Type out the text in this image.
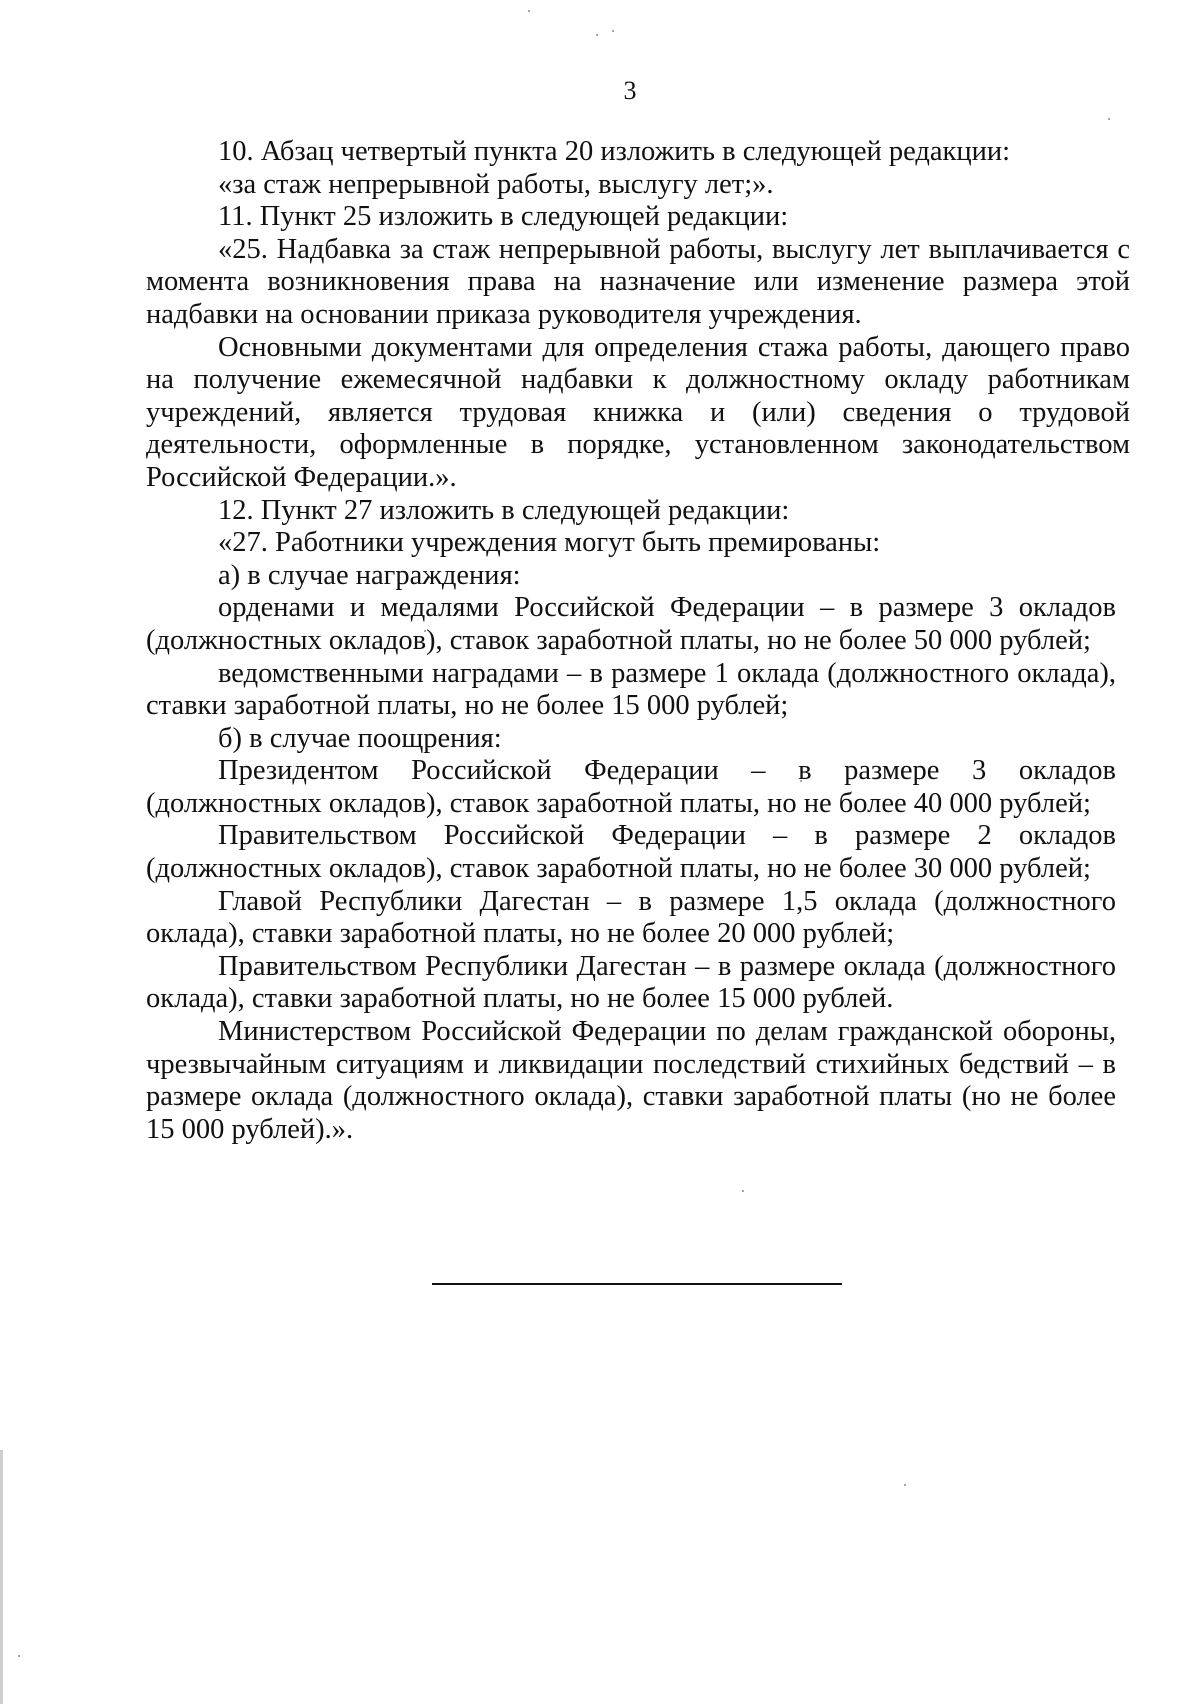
3

10. Абзац четвертый пункта 20 изложить в следующей редакции:

«за стаж непрерывной работы, выслугу лет;».

11. Пункт 25 изложить в следующей редакции:

«25. Надбавка за стаж непрерывной работы, выслугу лет выплачивается с момента возникновения права на назначение или изменение размера этой надбавки на основании приказа руководителя учреждения.

Основными документами для определения стажа работы, дающего право на получение ежемесячной надбавки к должностному окладу работникам учреждений, является трудовая книжка и (или) сведения о трудовой деятельности, оформленные в порядке, установленном законодательством Российской Федерации.».

12. Пункт 27 изложить в следующей редакции:

«27. Работники учреждения могут быть премированы:

а) в случае награждения:

орденами и медалями Российской Федерации – в размере 3 окладов (должностных окладов), ставок заработной платы, но не более 50 000 рублей;

ведомственными наградами – в размере 1 оклада (должностного оклада), ставки заработной платы, но не более 15 000 рублей;

б) в случае поощрения:

Президентом Российской Федерации – в размере 3 окладов (должностных окладов), ставок заработной платы, но не более 40 000 рублей;

Правительством Российской Федерации – в размере 2 окладов (должностных окладов), ставок заработной платы, но не более 30 000 рублей;

Главой Республики Дагестан – в размере 1,5 оклада (должностного оклада), ставки заработной платы, но не более 20 000 рублей;

Правительством Республики Дагестан – в размере оклада (должностного оклада), ставки заработной платы, но не более 15 000 рублей.

Министерством Российской Федерации по делам гражданской обороны, чрезвычайным ситуациям и ликвидации последствий стихийных бедствий – в размере оклада (должностного оклада), ставки заработной платы (но не более 15 000 рублей).».
